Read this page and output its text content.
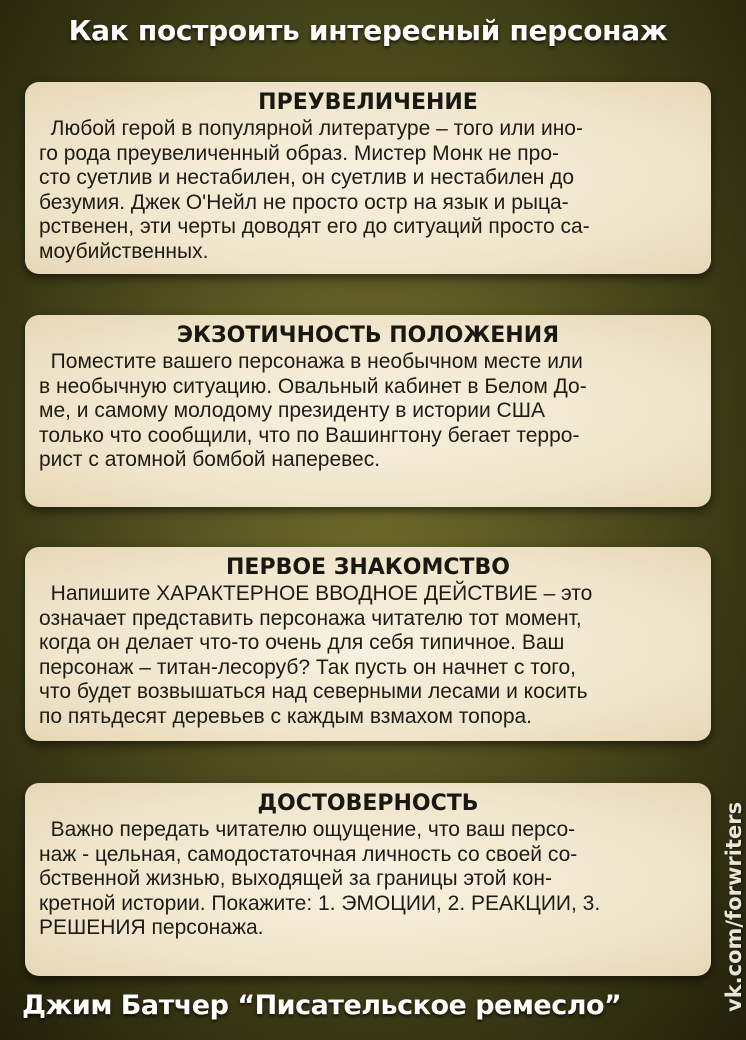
Как построить интересный персонаж
ПРЕУВЕЛИЧЕНИЕ

Любой герой в популярной литературе – того или ино-
го рода преувеличенный образ. Мистер Монк не про-
сто суетлив и нестабилен, он суетлив и нестабилен до
безумия. Джек О'Нейл не просто остр на язык и рыца-
рственен, эти черты доводят его до ситуаций просто са-
моубийственных.

ЭКЗОТИЧНОСТЬ ПОЛОЖЕНИЯ

Поместите вашего персонажа в необычном месте или
в необычную ситуацию. Овальный кабинет в Белом До-
ме, и самому молодому президенту в истории США
только что сообщили, что по Вашингтону бегает терро-
рист с атомной бомбой наперевес.

ПЕРВОЕ ЗНАКОМСТВО

Напишите ХАРАКТЕРНОЕ ВВОДНОЕ ДЕЙСТВИЕ – это
означает представить персонажа читателю тот момент,
когда он делает что-то очень для себя типичное. Ваш
персонаж – титан-лесоруб? Так пусть он начнет с того,
что будет возвышаться над северными лесами и косить
по пятьдесят деревьев с каждым взмахом топора.

ДОСТОВЕРНОСТЬ

Важно передать читателю ощущение, что ваш персо-
наж - цельная, самодостаточная личность со своей со-
бственной жизнью, выходящей за границы этой кон-
кретной истории. Покажите: 1. ЭМОЦИИ, 2. РЕАКЦИИ, 3.
РЕШЕНИЯ персонажа.

Джим Батчер “Писательское ремесло”	vk.com/forwriters
